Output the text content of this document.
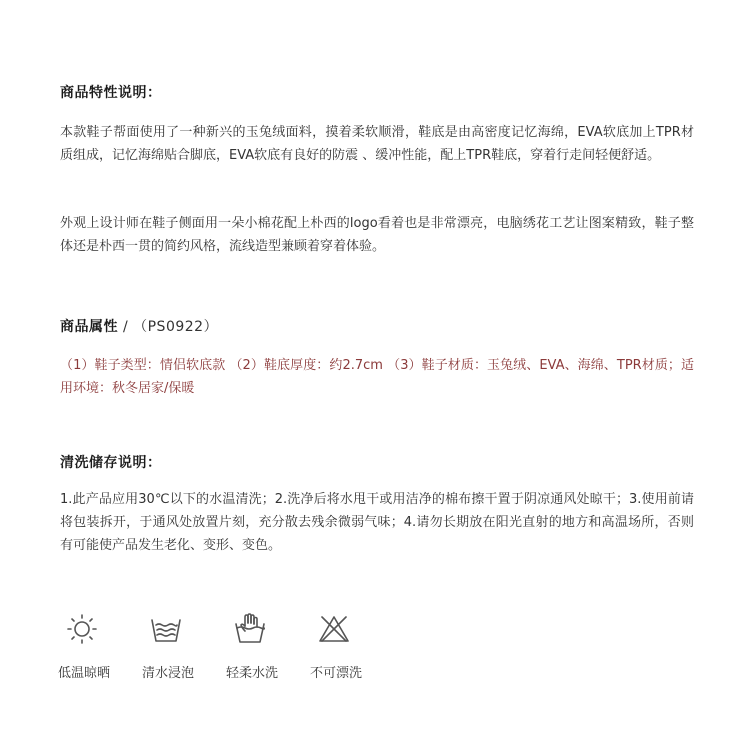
商品特性说明：
本款鞋子帮面使用了一种新兴的玉兔绒面料，摸着柔软顺滑，鞋底是由高密度记忆海绵，EVA软底加上TPR材质组成，记忆海绵贴合脚底，EVA软底有良好的防震 、缓冲性能，配上TPR鞋底，穿着行走间轻便舒适。
外观上设计师在鞋子侧面用一朵小棉花配上朴西的logo看着也是非常漂亮，电脑绣花工艺让图案精致，鞋子整体还是朴西一贯的简约风格，流线造型兼顾着穿着体验。
商品属性 / （PS0922）
（1）鞋子类型：情侣软底款 （2）鞋底厚度：约2.7cm （3）鞋子材质：玉兔绒、EVA、海绵、TPR材质；适用环境：秋冬居家/保暖
清洗储存说明：
1.此产品应用30℃以下的水温清洗；2.洗净后将水甩干或用洁净的棉布擦干置于阴凉通风处晾干；3.使用前请将包装拆开，于通风处放置片刻，充分散去残余微弱气味；4.请勿长期放在阳光直射的地方和高温场所，否则有可能使产品发生老化、变形、变色。
低温晾晒	清水浸泡	轻柔水洗	不可漂洗
